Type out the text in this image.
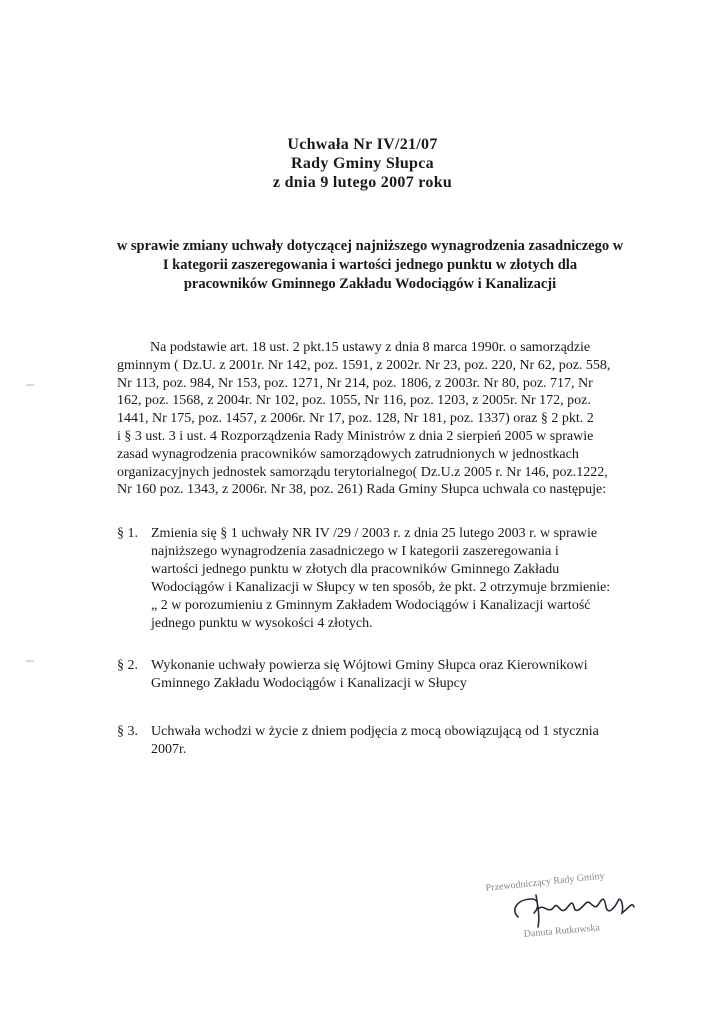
Uchwała Nr IV/21/07
Rady Gminy Słupca
z dnia 9 lutego 2007 roku
w sprawie zmiany uchwały dotyczącej najniższego wynagrodzenia zasadniczego w
I kategorii zaszeregowania i wartości jednego punktu w złotych dla
pracowników Gminnego Zakładu Wodociągów i Kanalizacji
Na podstawie art. 18 ust. 2 pkt.15 ustawy z dnia 8 marca 1990r. o samorządzie
gminnym ( Dz.U. z 2001r. Nr 142, poz. 1591, z 2002r. Nr 23, poz. 220, Nr 62, poz. 558,
Nr 113, poz. 984, Nr 153, poz. 1271, Nr 214, poz. 1806, z 2003r. Nr 80, poz. 717, Nr
162, poz. 1568, z 2004r. Nr 102, poz. 1055, Nr 116, poz. 1203, z 2005r. Nr 172, poz.
1441, Nr 175, poz. 1457, z 2006r. Nr 17, poz. 128, Nr 181, poz. 1337) oraz § 2 pkt. 2
i § 3 ust. 3 i ust. 4 Rozporządzenia Rady Ministrów z dnia 2 sierpień 2005 w sprawie
zasad wynagrodzenia pracowników samorządowych zatrudnionych w jednostkach
organizacyjnych jednostek samorządu terytorialnego( Dz.U.z 2005 r. Nr 146, poz.1222,
Nr 160 poz. 1343, z 2006r. Nr 38, poz. 261) Rada Gminy Słupca uchwala co następuje:
§ 1. Zmienia się § 1 uchwały NR IV /29 / 2003 r. z dnia 25 lutego 2003 r. w sprawie
najniższego wynagrodzenia zasadniczego w I kategorii zaszeregowania i
wartości jednego punktu w złotych dla pracowników Gminnego Zakładu
Wodociągów i Kanalizacji w Słupcy w ten sposób, że pkt. 2 otrzymuje brzmienie:
„ 2 w porozumieniu z Gminnym Zakładem Wodociągów i Kanalizacji wartość
jednego punktu w wysokości 4 złotych.
§ 2. Wykonanie uchwały powierza się Wójtowi Gminy Słupca oraz Kierownikowi
Gminnego Zakładu Wodociągów i Kanalizacji w Słupcy
§ 3. Uchwała wchodzi w życie z dniem podjęcia z mocą obowiązującą od 1 stycznia
2007r.
Przewodniczący Rady Gminy
Danuta Rutkowska
